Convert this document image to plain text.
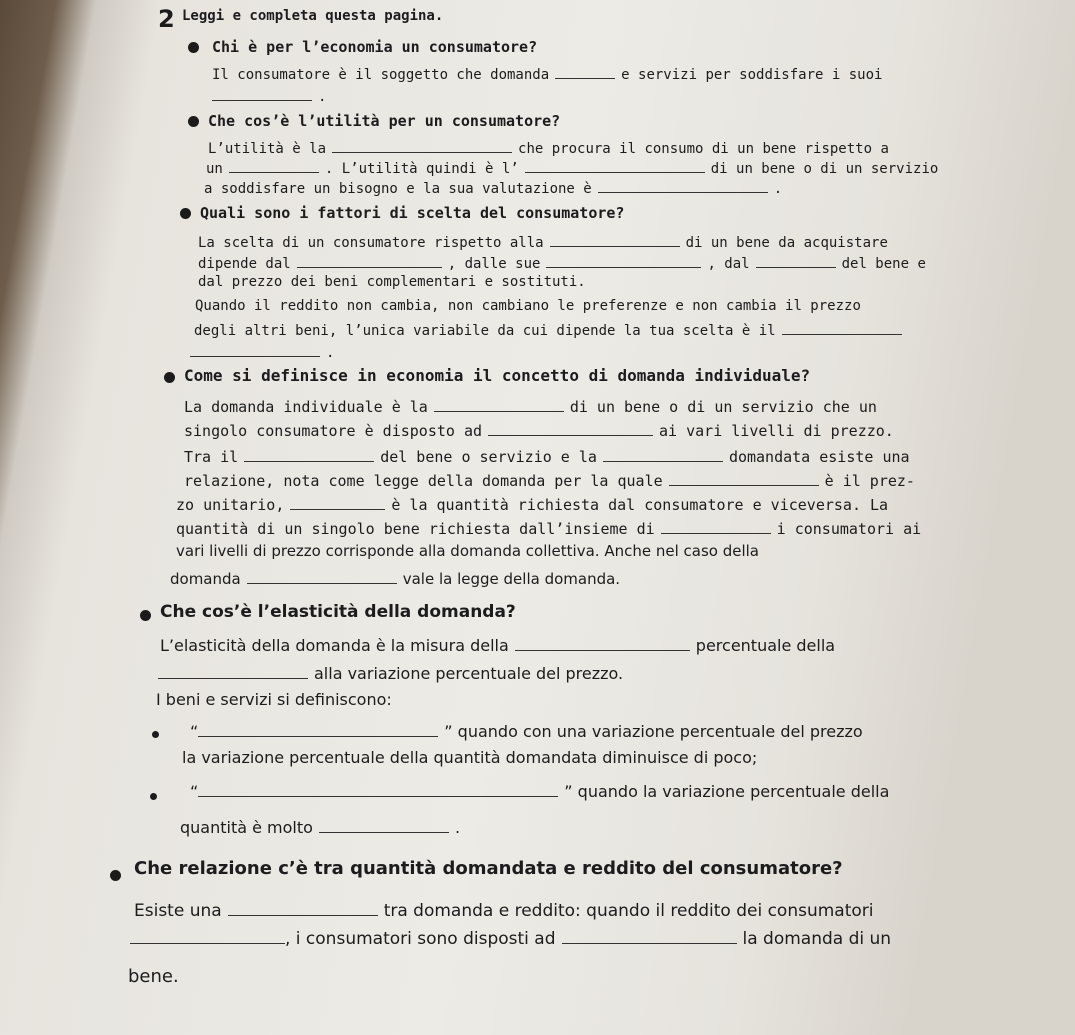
2 Leggi e completa questa pagina.
Chi è per l’economia un consumatore?
Il consumatore è il soggetto che domanda	e servizi per soddisfare i suoi
.
Che cos’è l’utilità per un consumatore?
L’utilità è la	che procura il consumo di un bene rispetto a
un	. L’utilità quindi è l’	di un bene o di un servizio
a soddisfare un bisogno e la sua valutazione è	.
Quali sono i fattori di scelta del consumatore?
La scelta di un consumatore rispetto alla	di un bene da acquistare
dipende dal	, dalle sue	, dal	del bene e
dal prezzo dei beni complementari e sostituti.
Quando il reddito non cambia, non cambiano le preferenze e non cambia il prezzo
degli altri beni, l’unica variabile da cui dipende la tua scelta è il
.
Come si definisce in economia il concetto di domanda individuale?
La domanda individuale è la	di un bene o di un servizio che un
singolo consumatore è disposto ad	ai vari livelli di prezzo.
Tra il	del bene o servizio e la	domandata esiste una
relazione, nota come legge della domanda per la quale	è il prez-
zo unitario,	è la quantità richiesta dal consumatore e viceversa. La
quantità di un singolo bene richiesta dall’insieme di	i consumatori ai
vari livelli di prezzo corrisponde alla domanda collettiva. Anche nel caso della
domanda	vale la legge della domanda.
Che cos’è l’elasticità della domanda?
L’elasticità della domanda è la misura della	percentuale della
alla variazione percentuale del prezzo.
I beni e servizi si definiscono:
“	” quando con una variazione percentuale del prezzo
la variazione percentuale della quantità domandata diminuisce di poco;
“	” quando la variazione percentuale della
quantità è molto	.
Che relazione c’è tra quantità domandata e reddito del consumatore?
Esiste una	tra domanda e reddito: quando il reddito dei consumatori
, i consumatori sono disposti ad	la domanda di un
bene.
